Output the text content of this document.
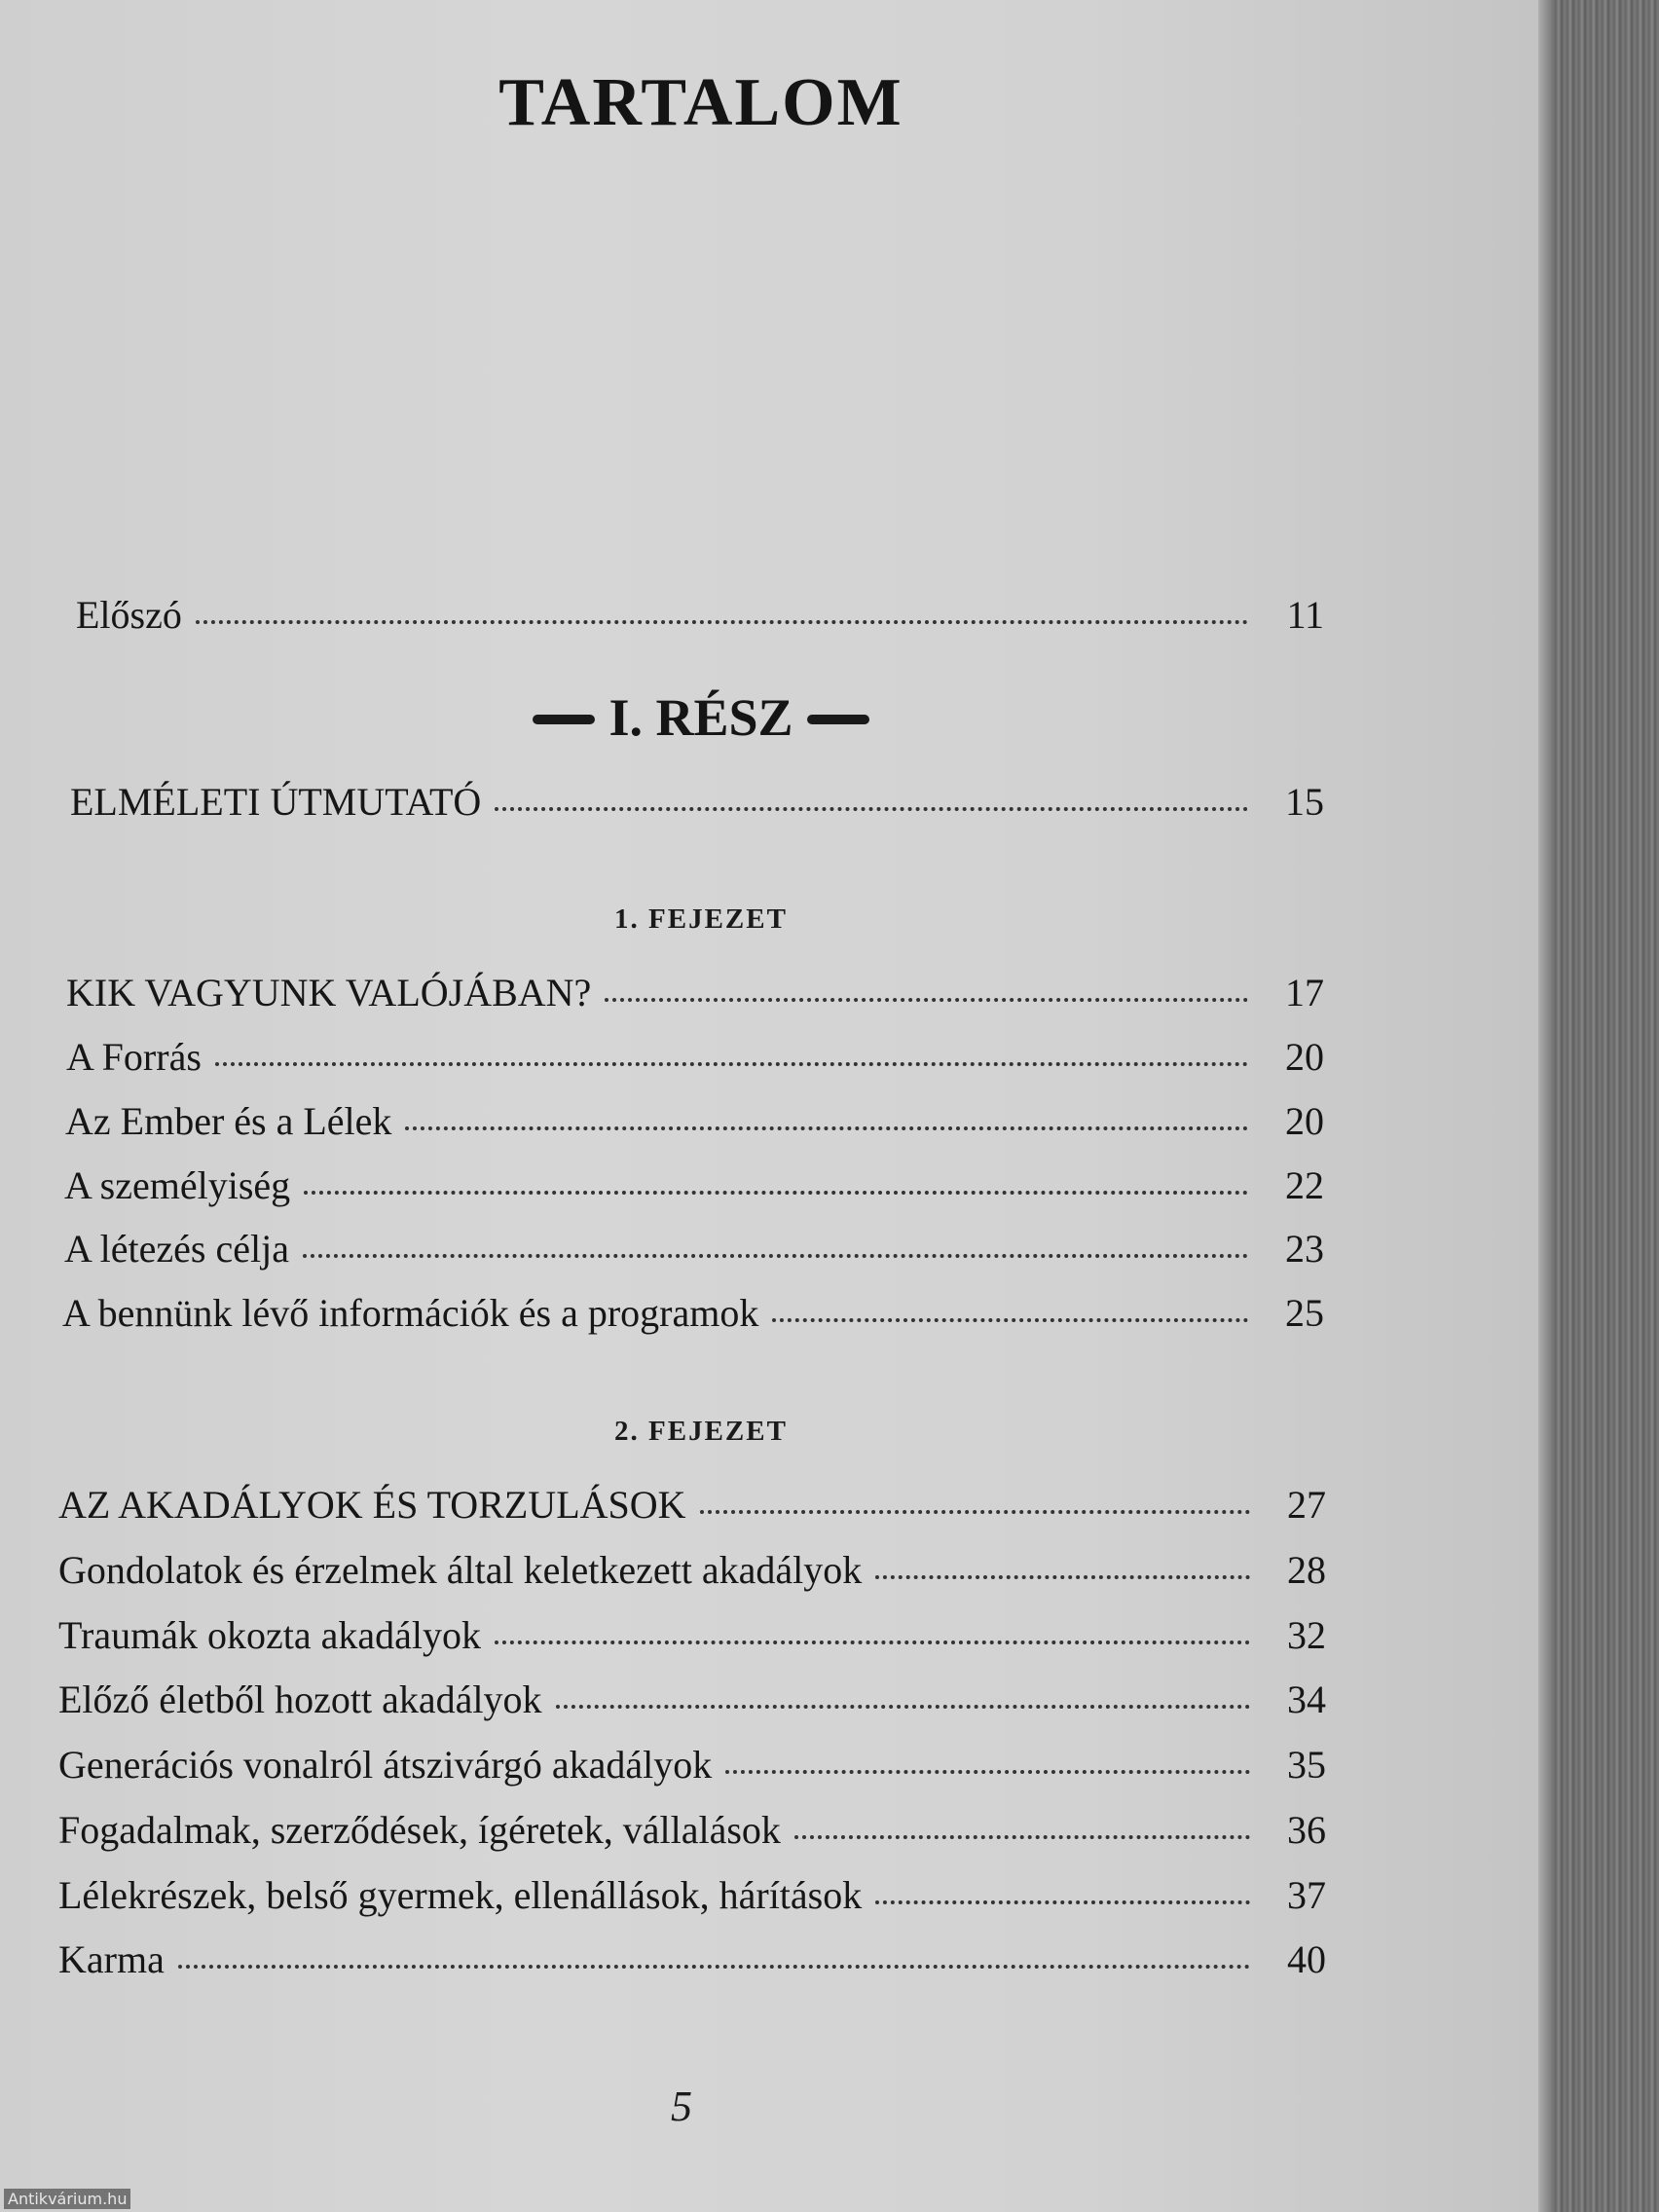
TARTALOM
Előszó	11
I. RÉSZ
ELMÉLETI ÚTMUTATÓ	15
1. FEJEZET
KIK VAGYUNK VALÓJÁBAN?	17
A Forrás	20
Az Ember és a Lélek	20
A személyiség	22
A létezés célja	23
A bennünk lévő információk és a programok	25
2. FEJEZET
AZ AKADÁLYOK ÉS TORZULÁSOK	27
Gondolatok és érzelmek által keletkezett akadályok	28
Traumák okozta akadályok	32
Előző életből hozott akadályok	34
Generációs vonalról átszivárgó akadályok	35
Fogadalmak, szerződések, ígéretek, vállalások	36
Lélekrészek, belső gyermek, ellenállások, hárítások	37
Karma	40
5
Antikvárium.hu
